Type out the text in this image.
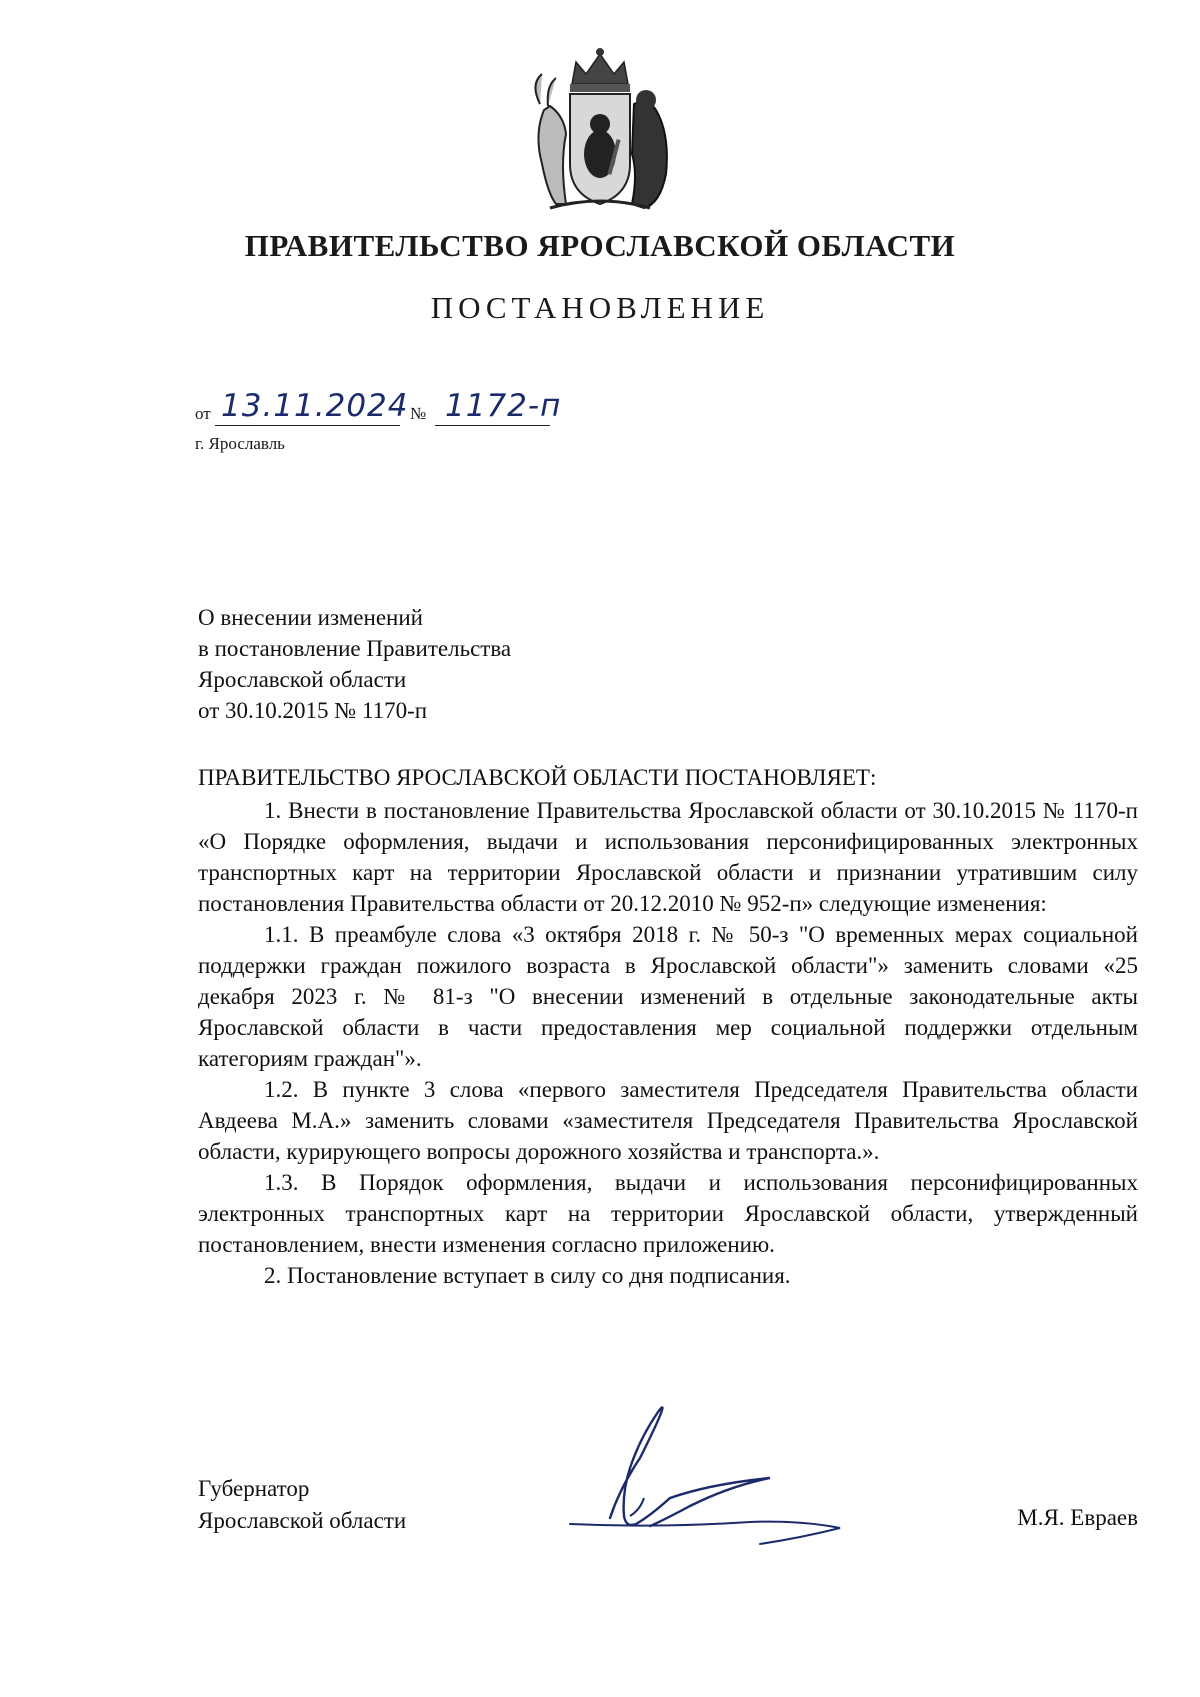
ПРАВИТЕЛЬСТВО ЯРОСЛАВСКОЙ ОБЛАСТИ
ПОСТАНОВЛЕНИЕ
от 13.11.2024 № 1172-п
г. Ярославль
О внесении изменений
в постановление Правительства
Ярославской области
от 30.10.2015 № 1170-п

ПРАВИТЕЛЬСТВО ЯРОСЛАВСКОЙ ОБЛАСТИ ПОСТАНОВЛЯЕТ:

1. Внести в постановление Правительства Ярославской области от 30.10.2015 № 1170-п «О Порядке оформления, выдачи и использования персонифицированных электронных транспортных карт на территории Ярославской области и признании утратившим силу постановления Правительства области от 20.12.2010 № 952-п» следующие изменения:

1.1. В преамбуле слова «3 октября 2018 г. № 50-з "О временных мерах социальной поддержки граждан пожилого возраста в Ярославской области"» заменить словами «25 декабря 2023 г. № 81-з "О внесении изменений в отдельные законодательные акты Ярославской области в части предоставления мер социальной поддержки отдельным категориям граждан"».

1.2. В пункте 3 слова «первого заместителя Председателя Правительства области Авдеева М.А.» заменить словами «заместителя Председателя Правительства Ярославской области, курирующего вопросы дорожного хозяйства и транспорта.».

1.3. В Порядок оформления, выдачи и использования персонифицированных электронных транспортных карт на территории Ярославской области, утвержденный постановлением, внести изменения согласно приложению.

2. Постановление вступает в силу со дня подписания.

Губернатор
Ярославской области	М.Я. Евраев
